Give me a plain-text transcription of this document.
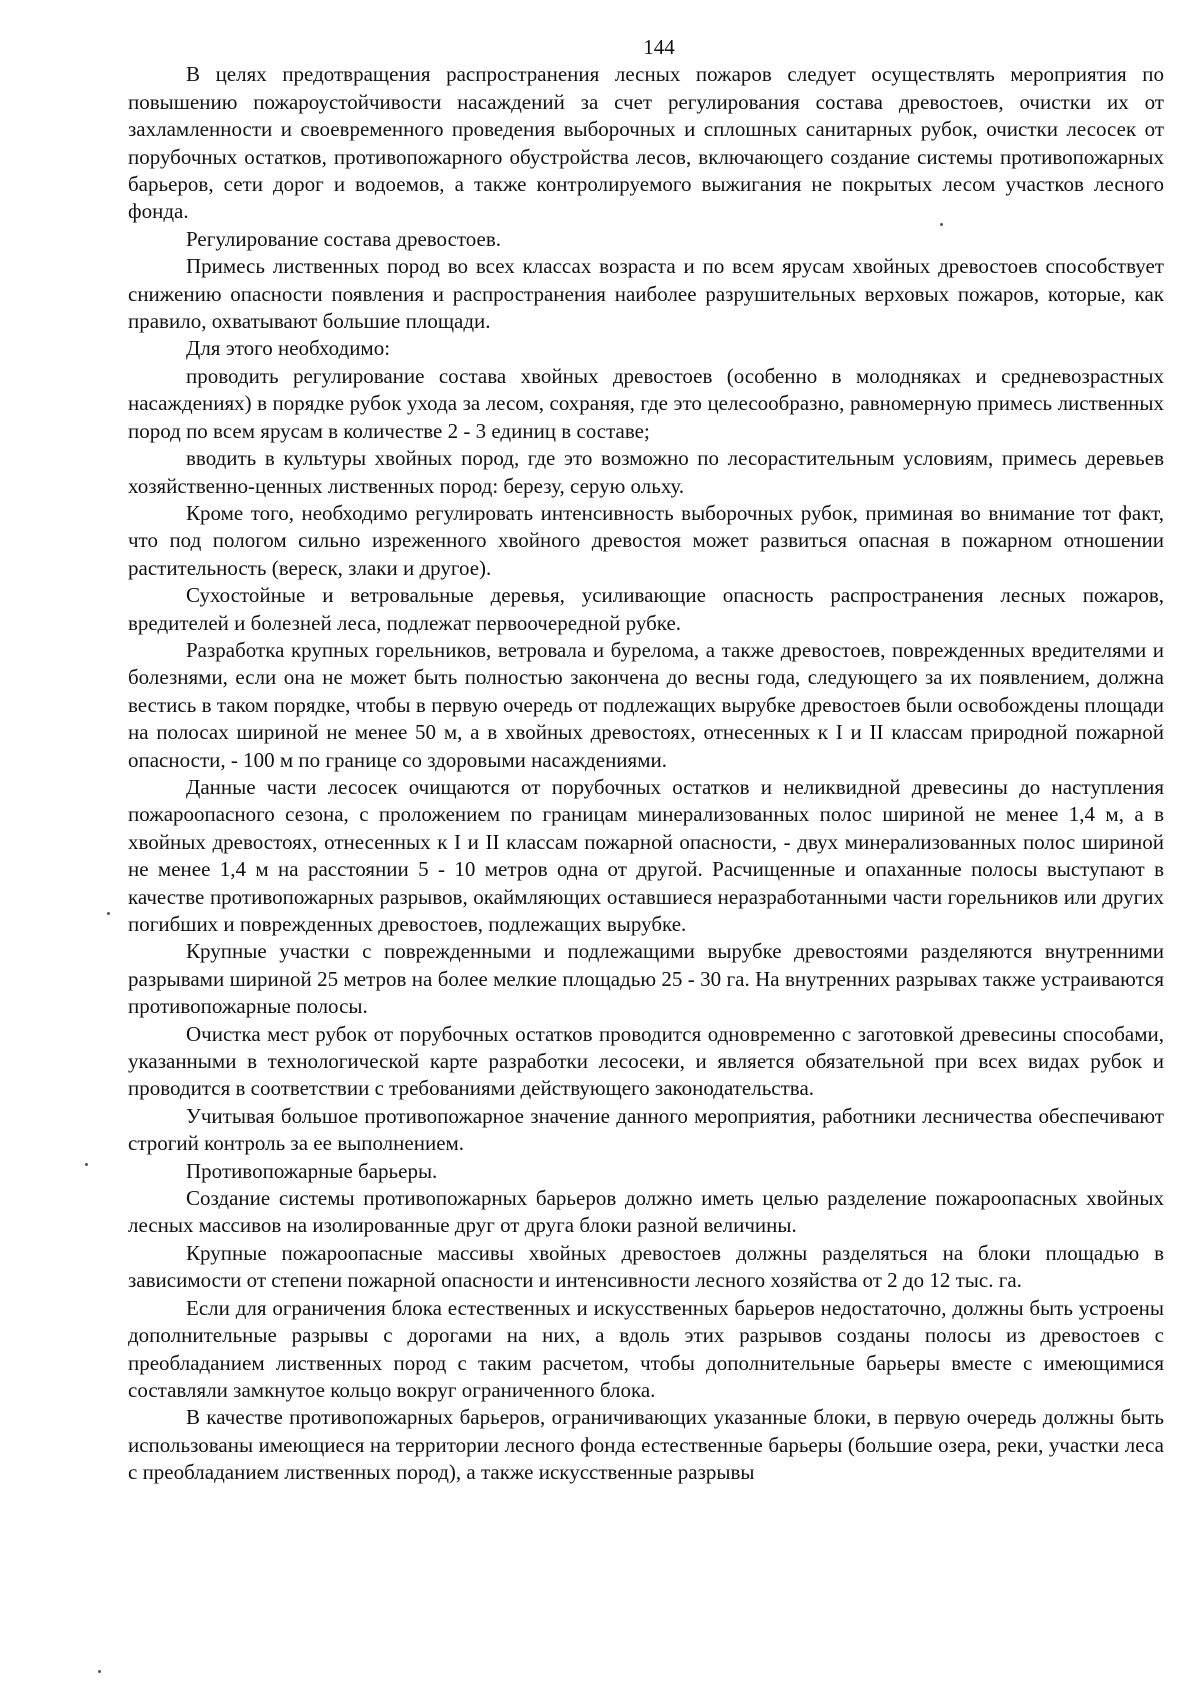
144

В целях предотвращения распространения лесных пожаров следует осуществлять мероприятия по повышению пожароустойчивости насаждений за счет регулирования состава древостоев, очистки их от захламленности и своевременного проведения выборочных и сплошных санитарных рубок, очистки лесосек от порубочных остатков, противопожарного обустройства лесов, включающего создание системы противопожарных барьеров, сети дорог и водоемов, а также контролируемого выжигания не покрытых лесом участков лесного фонда.

Регулирование состава древостоев.

Примесь лиственных пород во всех классах возраста и по всем ярусам хвойных древостоев способствует снижению опасности появления и распространения наиболее разрушительных верховых пожаров, которые, как правило, охватывают большие площади.

Для этого необходимо:

проводить регулирование состава хвойных древостоев (особенно в молодняках и средневозрастных насаждениях) в порядке рубок ухода за лесом, сохраняя, где это целесообразно, равномерную примесь лиственных пород по всем ярусам в количестве 2 - 3 единиц в составе;

вводить в культуры хвойных пород, где это возможно по лесорастительным условиям, примесь деревьев хозяйственно-ценных лиственных пород: березу, серую ольху.

Кроме того, необходимо регулировать интенсивность выборочных рубок, приминая во внимание тот факт, что под пологом сильно изреженного хвойного древостоя может развиться опасная в пожарном отношении растительность (вереск, злаки и другое).

Сухостойные и ветровальные деревья, усиливающие опасность распространения лесных пожаров, вредителей и болезней леса, подлежат первоочередной рубке.

Разработка крупных горельников, ветровала и бурелома, а также древостоев, поврежденных вредителями и болезнями, если она не может быть полностью закончена до весны года, следующего за их появлением, должна вестись в таком порядке, чтобы в первую очередь от подлежащих вырубке древостоев были освобождены площади на полосах шириной не менее 50 м, а в хвойных древостоях, отнесенных к I и II классам природной пожарной опасности, - 100 м по границе со здоровыми насаждениями.

Данные части лесосек очищаются от порубочных остатков и неликвидной древесины до наступления пожароопасного сезона, с проложением по границам минерализованных полос шириной не менее 1,4 м, а в хвойных древостоях, отнесенных к I и II классам пожарной опасности, - двух минерализованных полос шириной не менее 1,4 м на расстоянии 5 - 10 метров одна от другой. Расчищенные и опаханные полосы выступают в качестве противопожарных разрывов, окаймляющих оставшиеся неразработанными части горельников или других погибших и поврежденных древостоев, подлежащих вырубке.

Крупные участки с поврежденными и подлежащими вырубке древостоями разделяются внутренними разрывами шириной 25 метров на более мелкие площадью 25 - 30 га. На внутренних разрывах также устраиваются противопожарные полосы.

Очистка мест рубок от порубочных остатков проводится одновременно с заготовкой древесины способами, указанными в технологической карте разработки лесосеки, и является обязательной при всех видах рубок и проводится в соответствии с требованиями действующего законодательства.

Учитывая большое противопожарное значение данного мероприятия, работники лесничества обеспечивают строгий контроль за ее выполнением.

Противопожарные барьеры.

Создание системы противопожарных барьеров должно иметь целью разделение пожароопасных хвойных лесных массивов на изолированные друг от друга блоки разной величины.

Крупные пожароопасные массивы хвойных древостоев должны разделяться на блоки площадью в зависимости от степени пожарной опасности и интенсивности лесного хозяйства от 2 до 12 тыс. га.

Если для ограничения блока естественных и искусственных барьеров недостаточно, должны быть устроены дополнительные разрывы с дорогами на них, а вдоль этих разрывов созданы полосы из древостоев с преобладанием лиственных пород с таким расчетом, чтобы дополнительные барьеры вместе с имеющимися составляли замкнутое кольцо вокруг ограниченного блока.

В качестве противопожарных барьеров, ограничивающих указанные блоки, в первую очередь должны быть использованы имеющиеся на территории лесного фонда естественные барьеры (большие озера, реки, участки леса с преобладанием лиственных пород), а также искусственные разрывы
